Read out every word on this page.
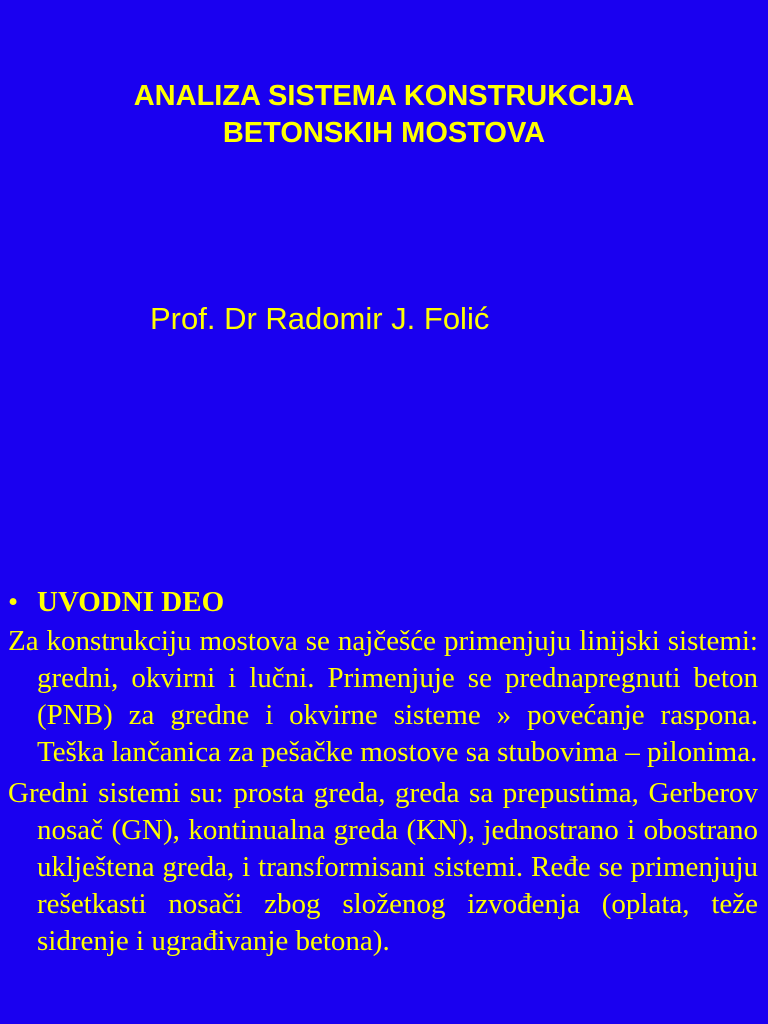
ANALIZA SISTEMA KONSTRUKCIJA
BETONSKIH MOSTOVA
Prof. Dr Radomir J. Folić
• UVODNI DEO

Za konstrukciju mostova se najčešće primenjuju linijski sistemi: gredni, okvirni i lučni. Primenjuje se prednapregnuti beton (PNB) za gredne i okvirne sisteme » povećanje raspona. Teška lančanica za pešačke mostove sa stubovima – pilonima.

Gredni sistemi su: prosta greda, greda sa prepustima, Gerberov nosač (GN), kontinualna greda (KN), jednostrano i obostrano uklještena greda, i transformisani sistemi. Ređe se primenjuju rešetkasti nosači zbog složenog izvođenja (oplata, teže sidrenje i ugrađivanje betona).
